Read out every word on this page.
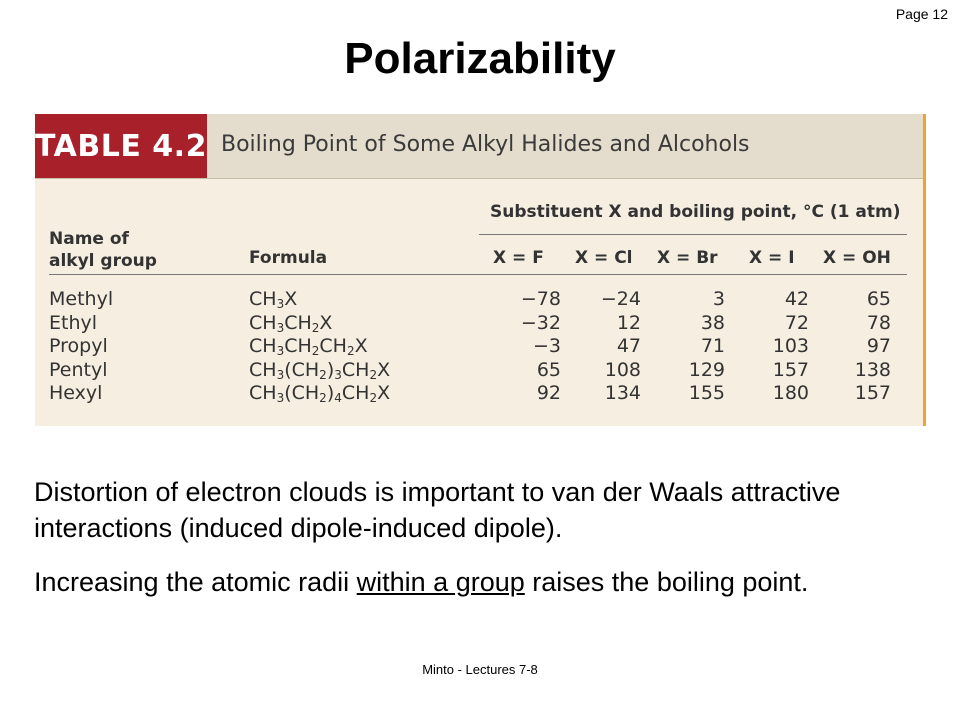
Page 12
Polarizability
TABLE 4.2 Boiling Point of Some Alkyl Halides and Alcohols
Substituent X and boiling point, °C (1 atm)
Name of
alkyl group	Formula	X = F X = Cl X = Br X = I X = OH
Methyl	$CH_3X$	−78	−24	3	42	65
Ethyl	$CH_3CH_2X$	−32	12	38	72	78
Propyl	$CH_3CH_2CH_2X$	−3	47	71	103	97
Pentyl	$CH_3(CH_2)_3CH_2X$	65	108	129	157	138
Hexyl	$CH_3(CH_2)_4CH_2X$	92	134	155	180	157

Distortion of electron clouds is important to van der Waals attractive interactions (induced dipole-induced dipole).

Increasing the atomic radii within a group raises the boiling point.

Minto - Lectures 7-8
